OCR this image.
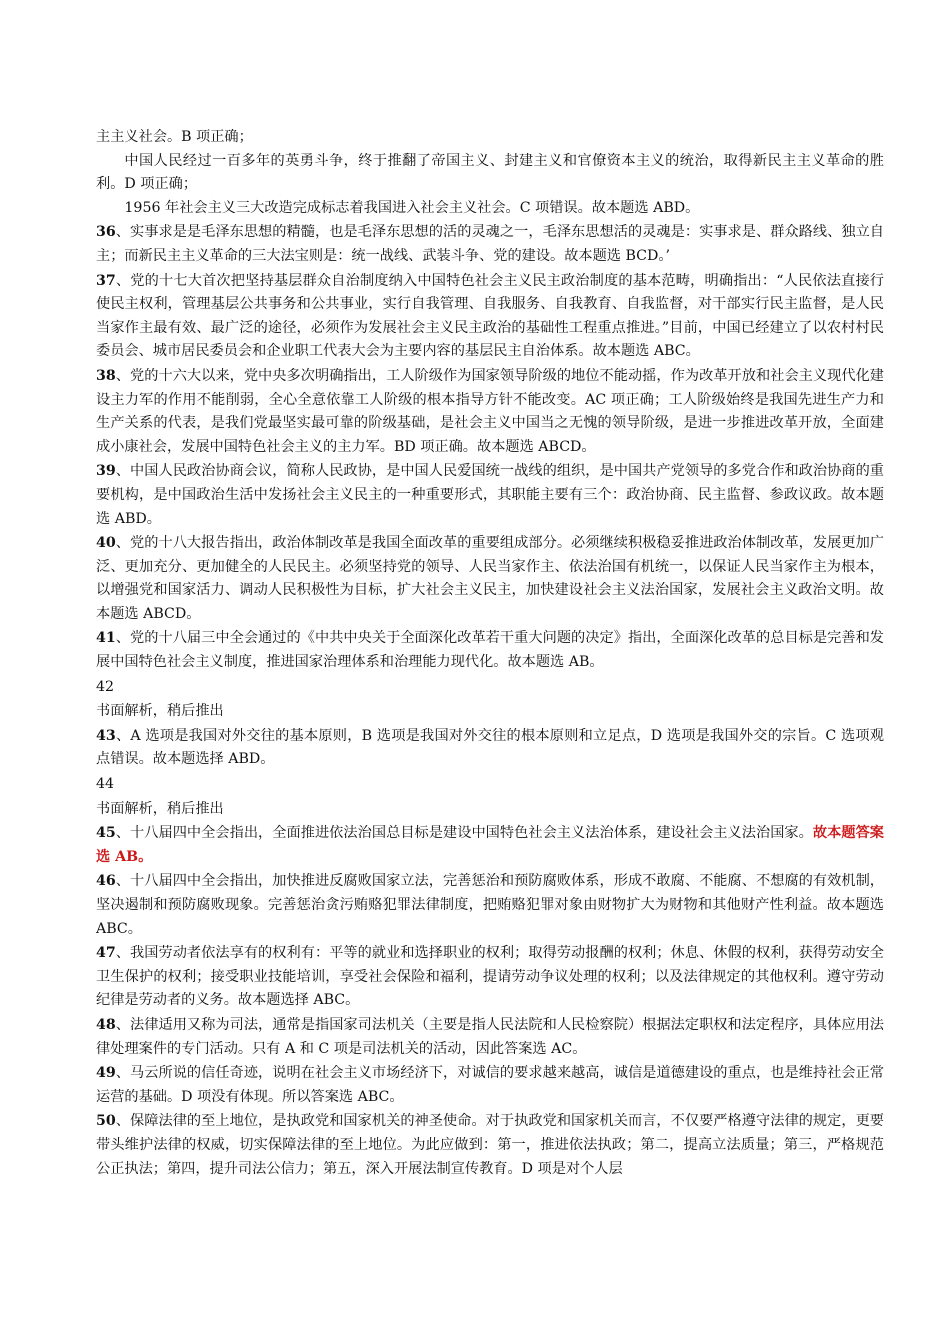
主主义社会。B 项正确；

中国人民经过一百多年的英勇斗争，终于推翻了帝国主义、封建主义和官僚资本主义的统治，取得新民主主义革命的胜利。D 项正确；

1956 年社会主义三大改造完成标志着我国进入社会主义社会。C 项错误。故本题选 ABD。

36、实事求是是毛泽东思想的精髓，也是毛泽东思想的活的灵魂之一，毛泽东思想活的灵魂是：实事求是、群众路线、独立自主；而新民主主义革命的三大法宝则是：统一战线、武装斗争、党的建设。故本题选 BCD。’

37、党的十七大首次把坚持基层群众自治制度纳入中国特色社会主义民主政治制度的基本范畴，明确指出：“人民依法直接行使民主权利，管理基层公共事务和公共事业，实行自我管理、自我服务、自我教育、自我监督，对干部实行民主监督，是人民当家作主最有效、最广泛的途径，必须作为发展社会主义民主政治的基础性工程重点推进。”目前，中国已经建立了以农村村民委员会、城市居民委员会和企业职工代表大会为主要内容的基层民主自治体系。故本题选 ABC。

38、党的十六大以来，党中央多次明确指出，工人阶级作为国家领导阶级的地位不能动摇，作为改革开放和社会主义现代化建设主力军的作用不能削弱，全心全意依靠工人阶级的根本指导方针不能改变。AC 项正确；工人阶级始终是我国先进生产力和生产关系的代表，是我们党最坚实最可靠的阶级基础，是社会主义中国当之无愧的领导阶级，是进一步推进改革开放，全面建成小康社会，发展中国特色社会主义的主力军。BD 项正确。故本题选 ABCD。

39、中国人民政治协商会议，简称人民政协，是中国人民爱国统一战线的组织，是中国共产党领导的多党合作和政治协商的重要机构，是中国政治生活中发扬社会主义民主的一种重要形式，其职能主要有三个：政治协商、民主监督、参政议政。故本题选 ABD。

40、党的十八大报告指出，政治体制改革是我国全面改革的重要组成部分。必须继续积极稳妥推进政治体制改革，发展更加广泛、更加充分、更加健全的人民民主。必须坚持党的领导、人民当家作主、依法治国有机统一，以保证人民当家作主为根本，以增强党和国家活力、调动人民积极性为目标，扩大社会主义民主，加快建设社会主义法治国家，发展社会主义政治文明。故本题选 ABCD。

41、党的十八届三中全会通过的《中共中央关于全面深化改革若干重大问题的决定》指出，全面深化改革的总目标是完善和发展中国特色社会主义制度，推进国家治理体系和治理能力现代化。故本题选 AB。

42

书面解析，稍后推出

43、A 选项是我国对外交往的基本原则，B 选项是我国对外交往的根本原则和立足点，D 选项是我国外交的宗旨。C 选项观点错误。故本题选择 ABD。

44

书面解析，稍后推出

45、十八届四中全会指出，全面推进依法治国总目标是建设中国特色社会主义法治体系，建设社会主义法治国家。故本题答案选 AB。

46、十八届四中全会指出，加快推进反腐败国家立法，完善惩治和预防腐败体系，形成不敢腐、不能腐、不想腐的有效机制，坚决遏制和预防腐败现象。完善惩治贪污贿赂犯罪法律制度，把贿赂犯罪对象由财物扩大为财物和其他财产性利益。故本题选 ABC。

47、我国劳动者依法享有的权利有：平等的就业和选择职业的权利；取得劳动报酬的权利；休息、休假的权利，获得劳动安全卫生保护的权利；接受职业技能培训，享受社会保险和福利，提请劳动争议处理的权利；以及法律规定的其他权利。遵守劳动纪律是劳动者的义务。故本题选择 ABC。

48、法律适用又称为司法，通常是指国家司法机关（主要是指人民法院和人民检察院）根据法定职权和法定程序，具体应用法律处理案件的专门活动。只有 A 和 C 项是司法机关的活动，因此答案选 AC。

49、马云所说的信任奇迹，说明在社会主义市场经济下，对诚信的要求越来越高，诚信是道德建设的重点，也是维持社会正常运营的基础。D 项没有体现。所以答案选 ABC。

50、保障法律的至上地位，是执政党和国家机关的神圣使命。对于执政党和国家机关而言，不仅要严格遵守法律的规定，更要带头维护法律的权威，切实保障法律的至上地位。为此应做到：第一，推进依法执政；第二，提高立法质量；第三，严格规范公正执法；第四，提升司法公信力；第五，深入开展法制宣传教育。D 项是对个人层
